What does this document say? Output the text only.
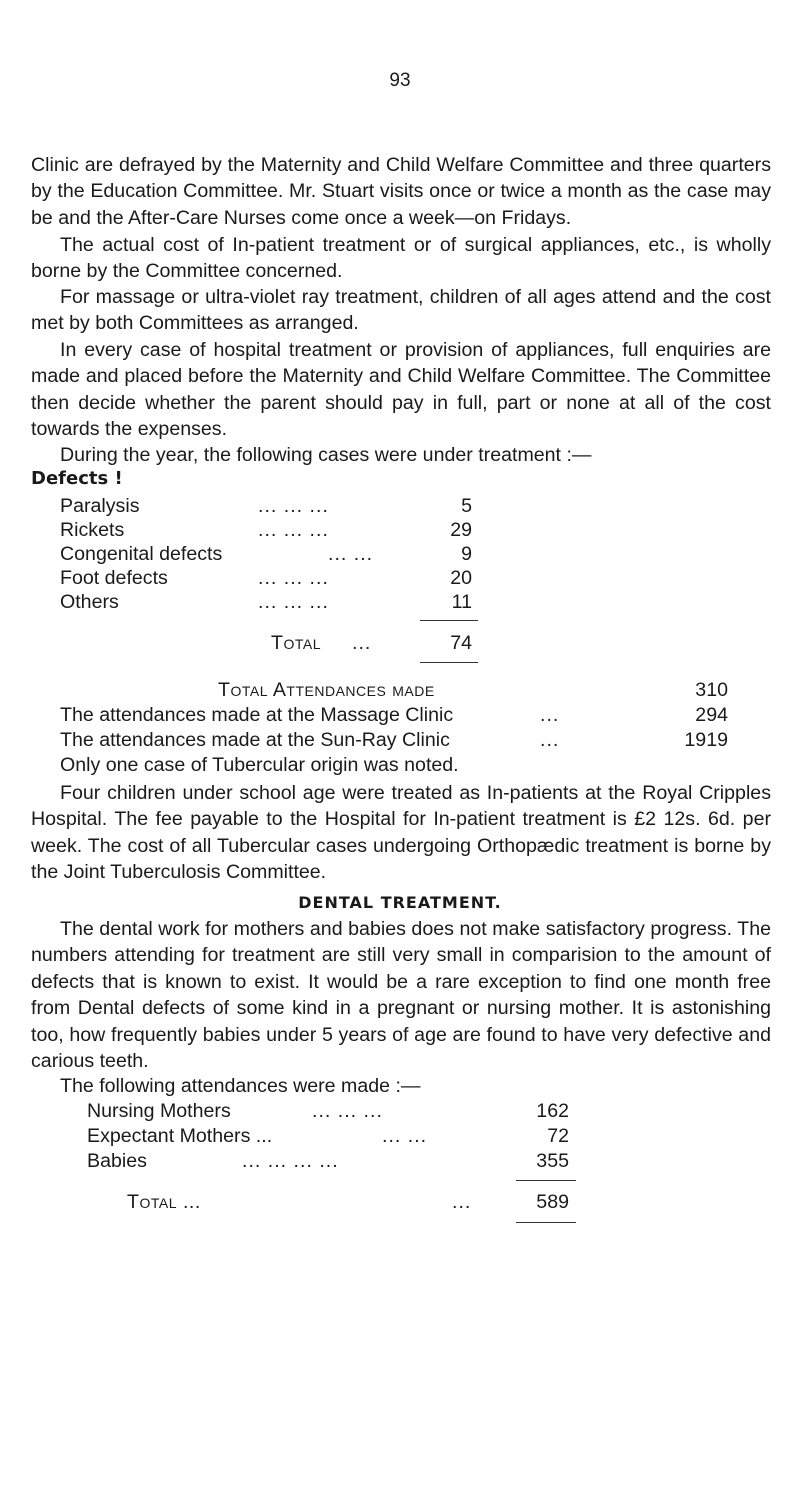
93

Clinic are defrayed by the Maternity and Child Welfare Committee and three quarters by the Education Committee. Mr. Stuart visits once or twice a month as the case may be and the After-Care Nurses come once a week—on Fridays.

The actual cost of In-patient treatment or of surgical appliances, etc., is wholly borne by the Committee concerned.

For massage or ultra-violet ray treatment, children of all ages attend and the cost met by both Committees as arranged.

In every case of hospital treatment or provision of appliances, full enquiries are made and placed before the Maternity and Child Welfare Committee. The Committee then decide whether the parent should pay in full, part or none at all of the cost towards the expenses.

During the year, the following cases were under treatment :—

Defects !
Paralysis	... ... ...	5
Rickets	... ... ...	29
Congenital defects	... ...	9
Foot defects	... ... ...	20
Others	... ... ...	11
Total ...	74
Total Attendances made	310
The attendances made at the Massage Clinic	...	294
The attendances made at the Sun-Ray Clinic	...	1919
Only one case of Tubercular origin was noted.

Four children under school age were treated as In-patients at the Royal Cripples Hospital. The fee payable to the Hospital for In-patient treatment is £2 12s. 6d. per week. The cost of all Tubercular cases undergoing Orthopædic treatment is borne by the Joint Tuberculosis Committee.

DENTAL TREATMENT.

The dental work for mothers and babies does not make satisfactory progress. The numbers attending for treatment are still very small in comparision to the amount of defects that is known to exist. It would be a rare exception to find one month free from Dental defects of some kind in a pregnant or nursing mother. It is astonishing too, how frequently babies under 5 years of age are found to have very defective and carious teeth.

The following attendances were made :—
Nursing Mothers	... ... ...	162
Expectant Mothers ...	... ...	72
Babies	... ... ... ...	355
Total ...	...	589
